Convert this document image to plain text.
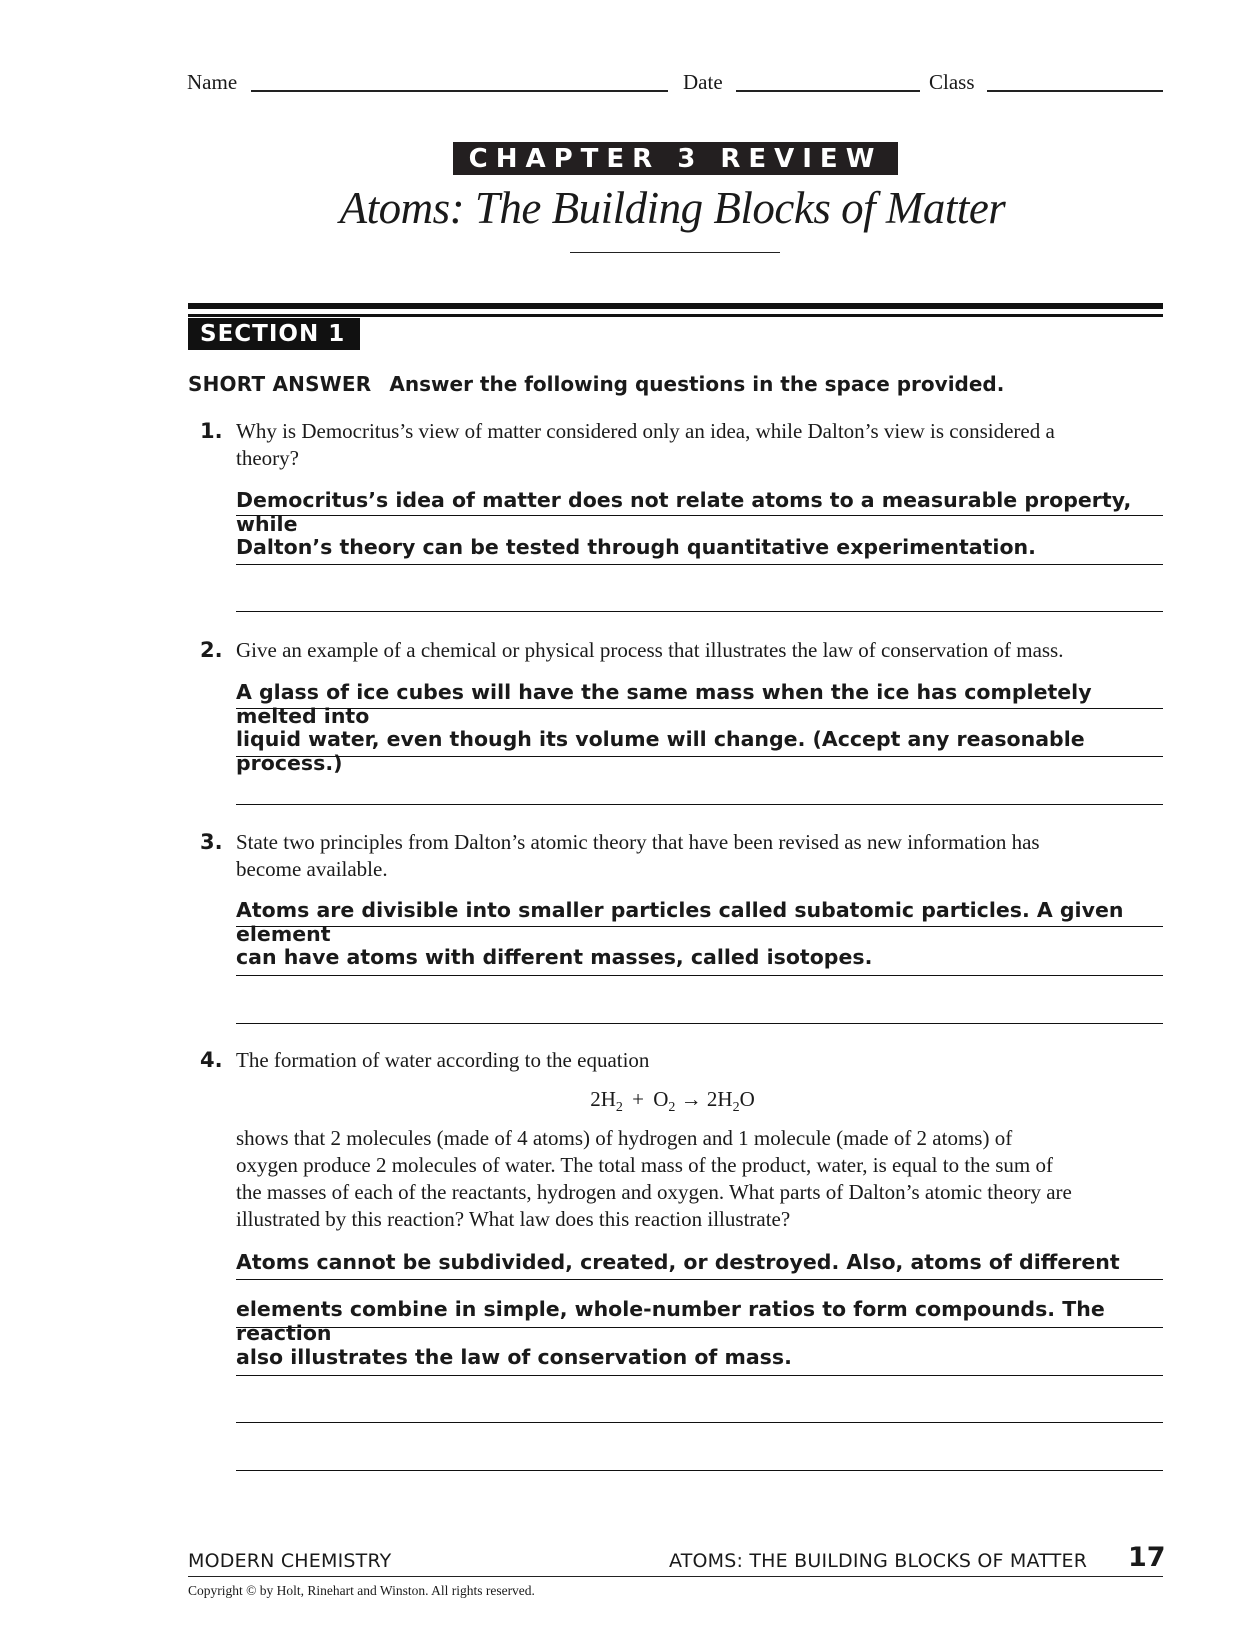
Name	Date	Class
CHAPTER 3 REVIEW
Atoms: The Building Blocks of Matter
SECTION 1
SHORT ANSWER Answer the following questions in the space provided.
1. Why is Democritus’s view of matter considered only an idea, while Dalton’s view is considered a
theory?
Democritus’s idea of matter does not relate atoms to a measurable property, while
Dalton’s theory can be tested through quantitative experimentation.
2. Give an example of a chemical or physical process that illustrates the law of conservation of mass.
A glass of ice cubes will have the same mass when the ice has completely melted into
liquid water, even though its volume will change. (Accept any reasonable process.)
3. State two principles from Dalton’s atomic theory that have been revised as new information has
become available.
Atoms are divisible into smaller particles called subatomic particles. A given element
can have atoms with different masses, called isotopes.
4. The formation of water according to the equation
$2H_2 + O_2 \to 2H_2O$
shows that 2 molecules (made of 4 atoms) of hydrogen and 1 molecule (made of 2 atoms) of
oxygen produce 2 molecules of water. The total mass of the product, water, is equal to the sum of
the masses of each of the reactants, hydrogen and oxygen. What parts of Dalton’s atomic theory are
illustrated by this reaction? What law does this reaction illustrate?
Atoms cannot be subdivided, created, or destroyed. Also, atoms of different
elements combine in simple, whole-number ratios to form compounds. The reaction
also illustrates the law of conservation of mass.
MODERN CHEMISTRY	ATOMS: THE BUILDING BLOCKS OF MATTER 17
Copyright © by Holt, Rinehart and Winston. All rights reserved.
